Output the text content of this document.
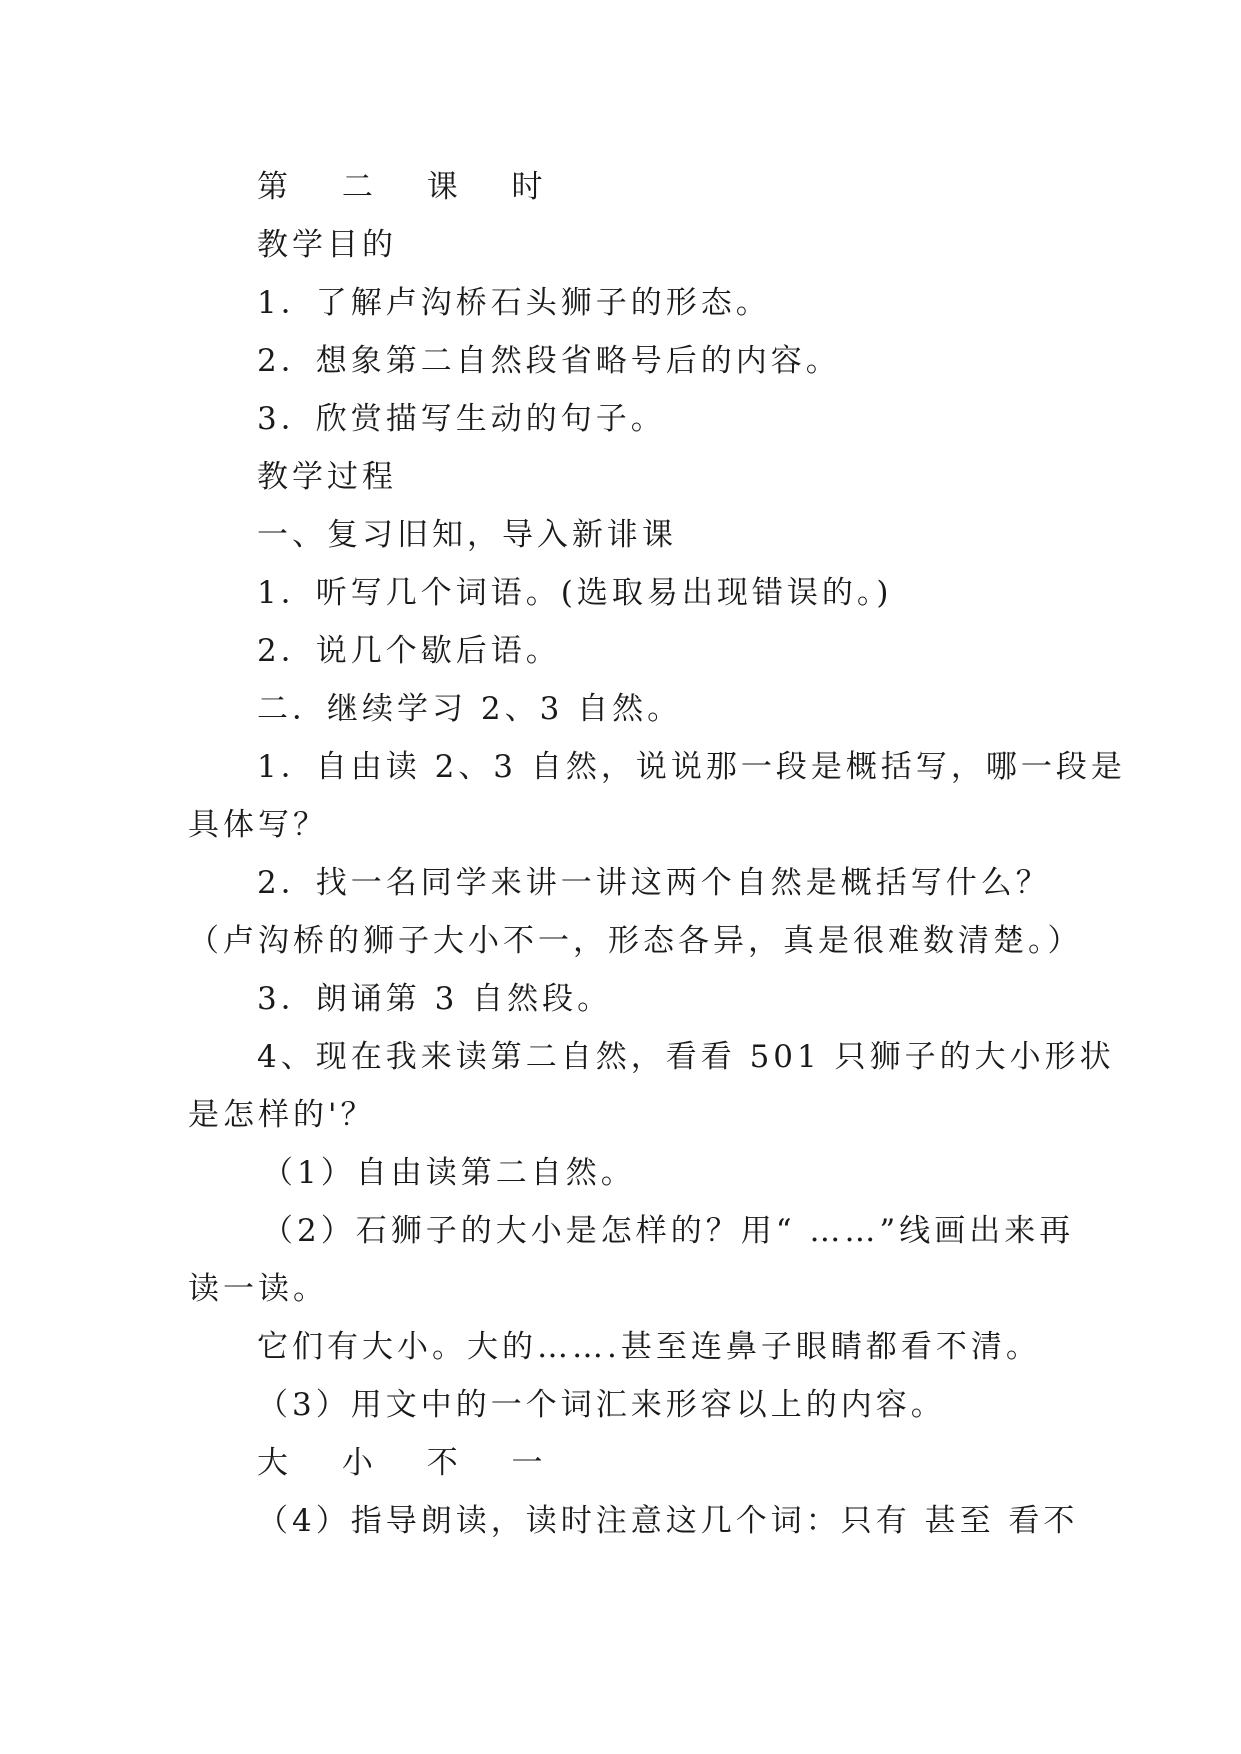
第 二 课 时
教学目的
1．了解卢沟桥石头狮子的形态。
2．想象第二自然段省略号后的内容。
3．欣赏描写生动的句子。
教学过程
一、复习旧知，导入新诽课
1．听写几个词语。(选取易出现错误的。)
2．说几个歇后语。
二．继续学习 2、3 自然。
1．自由读 2、3 自然，说说那一段是概括写，哪一段是
具体写？
2．找一名同学来讲一讲这两个自然是概括写什么？
（卢沟桥的狮子大小不一，形态各异，真是很难数清楚。）
3．朗诵第 3 自然段。
4、现在我来读第二自然，看看 501 只狮子的大小形状
是怎样的'？
（1）自由读第二自然。
（2）石狮子的大小是怎样的？用“ ……”线画出来再
读一读。
它们有大小。大的…….甚至连鼻子眼睛都看不清。
（3）用文中的一个词汇来形容以上的内容。
大 小 不 一
（4）指导朗读，读时注意这几个词：只有 甚至 看不
